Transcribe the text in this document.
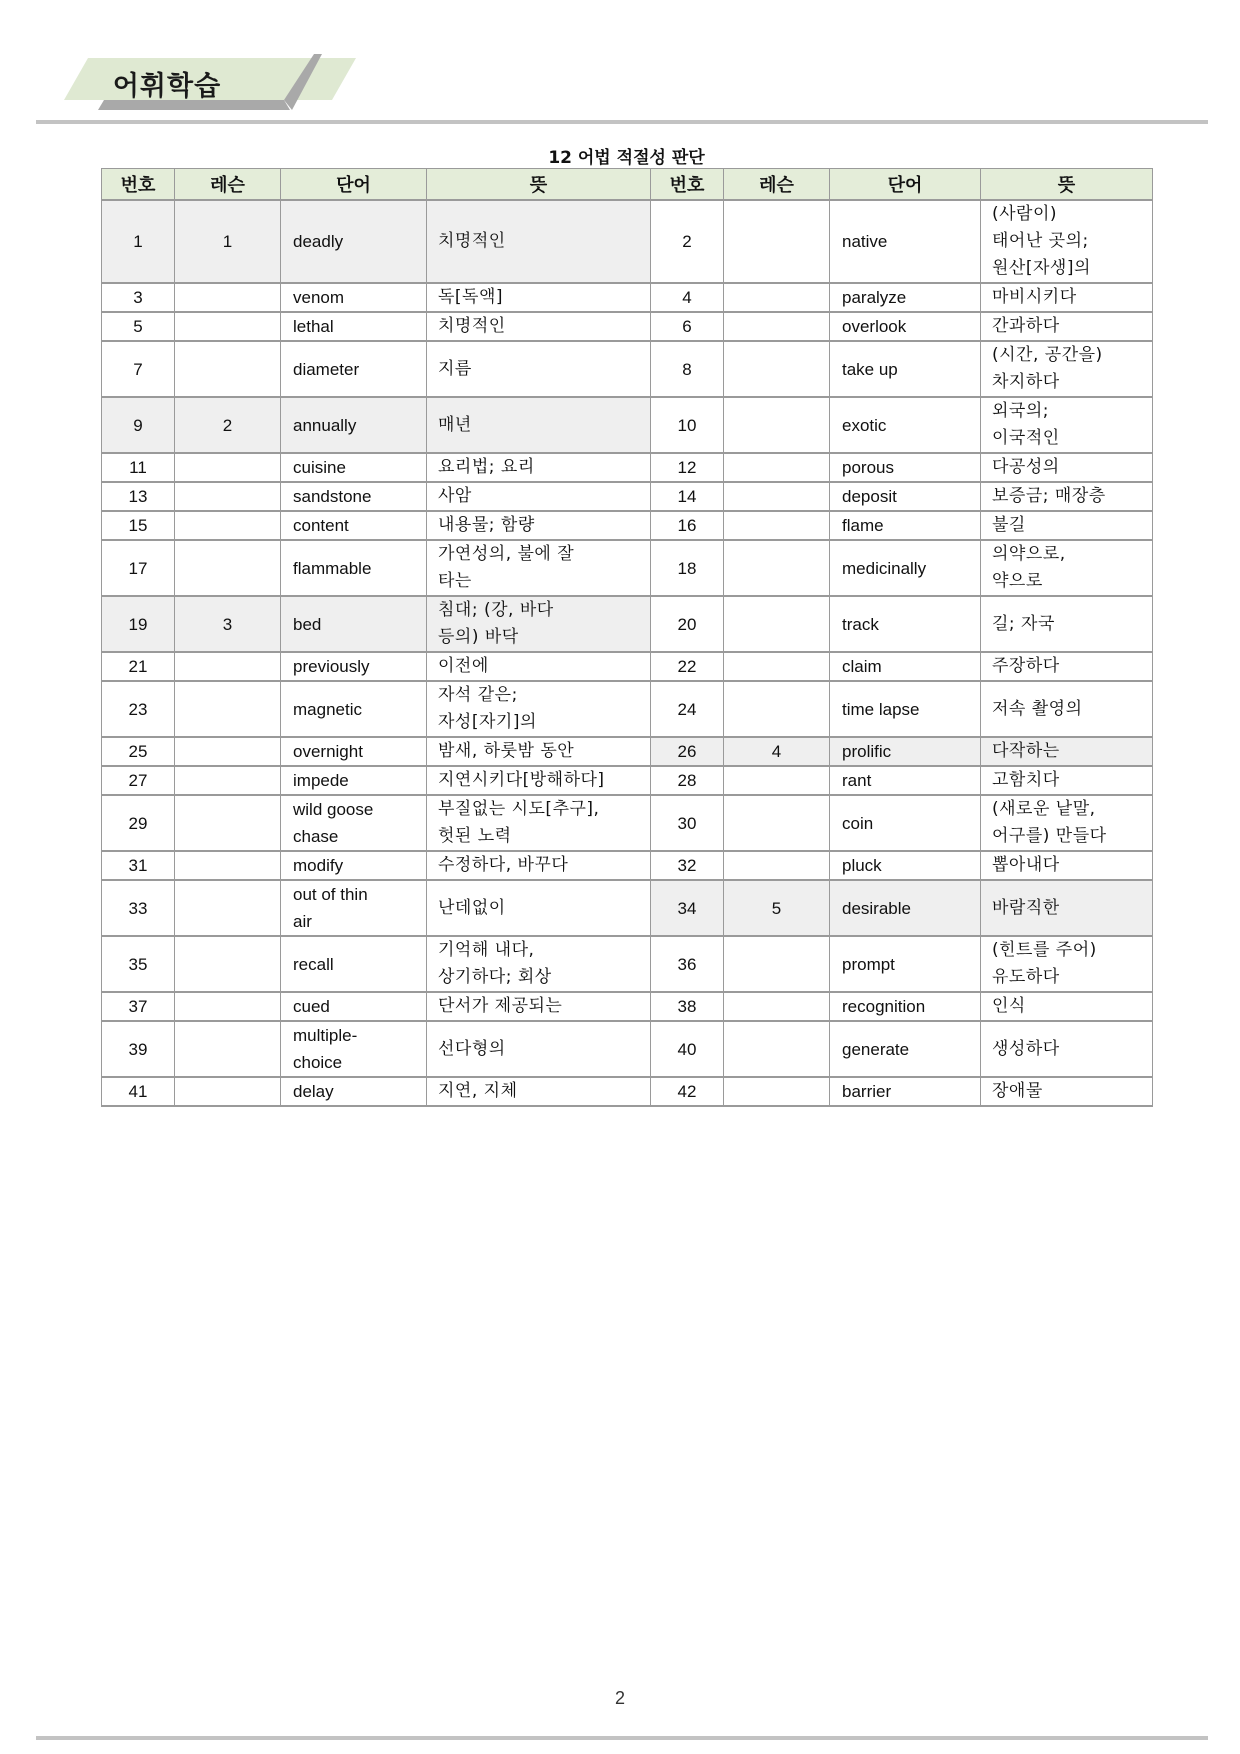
어휘학습
12 어법 적절성 판단
번호	레슨	단어	뜻	번호	레슨	단어	뜻
1	1	deadly	치명적인	2		native	(사람이)
태어난 곳의;
원산[자생]의
3		venom	독[독액]	4		paralyze	마비시키다
5		lethal	치명적인	6		overlook	간과하다
7		diameter	지름	8		take up	(시간, 공간을)
차지하다
9	2	annually	매년	10		exotic	외국의;
이국적인
11		cuisine	요리법; 요리	12		porous	다공성의
13		sandstone	사암	14		deposit	보증금; 매장층
15		content	내용물; 함량	16		flame	불길
17		flammable	가연성의, 불에 잘
타는	18		medicinally	의약으로,
약으로
19	3	bed	침대; (강, 바다
등의) 바닥	20		track	길; 자국
21		previously	이전에	22		claim	주장하다
23		magnetic	자석 같은;
자성[자기]의	24		time lapse	저속 촬영의
25		overnight	밤새, 하룻밤 동안	26	4	prolific	다작하는
27		impede	지연시키다[방해하다]	28		rant	고함치다
29		wild goose
chase	부질없는 시도[추구],
헛된 노력	30		coin	(새로운 낱말,
어구를) 만들다
31		modify	수정하다, 바꾸다	32		pluck	뽑아내다
33		out of thin
air	난데없이	34	5	desirable	바람직한
35		recall	기억해 내다,
상기하다; 회상	36		prompt	(힌트를 주어)
유도하다
37		cued	단서가 제공되는	38		recognition	인식
39		multiple-
choice	선다형의	40		generate	생성하다
41		delay	지연, 지체	42		barrier	장애물
2
